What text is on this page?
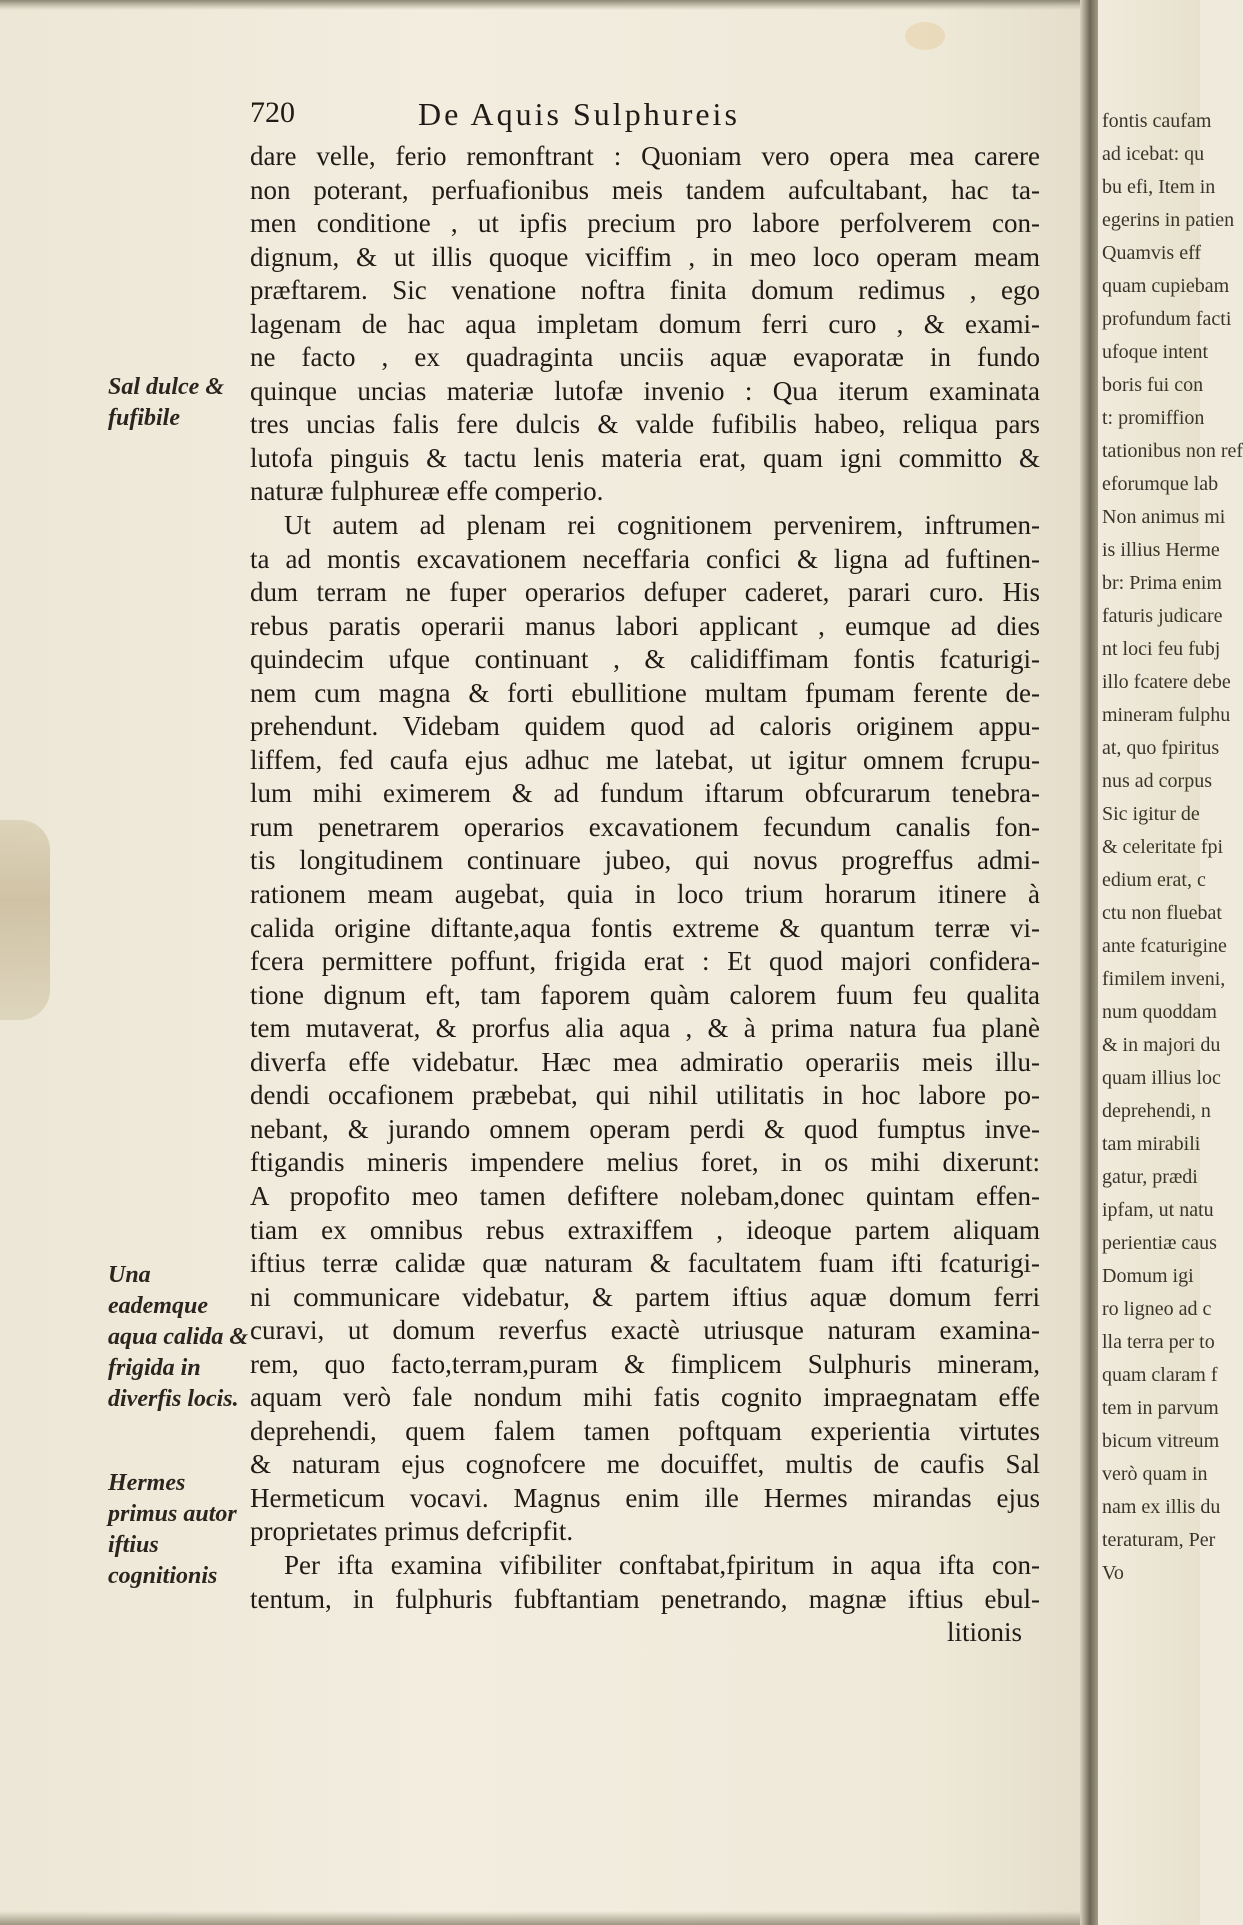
720	De Aquis Sulphureis
dare velle, ferio remonftrant : Quoniam vero opera mea carere
non poterant, perfuafionibus meis tandem aufcultabant, hac ta-
men conditione , ut ipfis precium pro labore perfolverem con-
dignum, & ut illis quoque viciffim , in meo loco operam meam
præftarem. Sic venatione noftra finita domum redimus , ego
lagenam de hac aqua impletam domum ferri curo , & exami-
ne facto , ex quadraginta unciis aquæ evaporatæ in fundo
quinque uncias materiæ lutofæ invenio : Qua iterum examinata
tres uncias falis fere dulcis & valde fufibilis habeo, reliqua pars
lutofa pinguis & tactu lenis materia erat, quam igni committo &
naturæ fulphureæ effe comperio.
Ut autem ad plenam rei cognitionem pervenirem, inftrumen-
ta ad montis excavationem neceffaria confici & ligna ad fuftinen-
dum terram ne fuper operarios defuper caderet, parari curo. His
rebus paratis operarii manus labori applicant , eumque ad dies
quindecim ufque continuant , & calidiffimam fontis fcaturigi-
nem cum magna & forti ebullitione multam fpumam ferente de-
prehendunt. Videbam quidem quod ad caloris originem appu-
liffem, fed caufa ejus adhuc me latebat, ut igitur omnem fcrupu-
lum mihi eximerem & ad fundum iftarum obfcurarum tenebra-
rum penetrarem operarios excavationem fecundum canalis fon-
tis longitudinem continuare jubeo, qui novus progreffus admi-
rationem meam augebat, quia in loco trium horarum itinere à
calida origine diftante,aqua fontis extreme & quantum terræ vi-
fcera permittere poffunt, frigida erat : Et quod majori confidera-
tione dignum eft, tam faporem quàm calorem fuum feu qualita
tem mutaverat, & prorfus alia aqua , & à prima natura fua planè
diverfa effe videbatur. Hæc mea admiratio operariis meis illu-
dendi occafionem præbebat, qui nihil utilitatis in hoc labore po-
nebant, & jurando omnem operam perdi & quod fumptus inve-
ftigandis mineris impendere melius foret, in os mihi dixerunt:
A propofito meo tamen defiftere nolebam,donec quintam effen-
tiam ex omnibus rebus extraxiffem , ideoque partem aliquam
iftius terræ calidæ quæ naturam & facultatem fuam ifti fcaturigi-
ni communicare videbatur, & partem iftius aquæ domum ferri
curavi, ut domum reverfus exactè utriusque naturam examina-
rem, quo facto,terram,puram & fimplicem Sulphuris mineram,
aquam verò fale nondum mihi fatis cognito impraegnatam effe
deprehendi, quem falem tamen poftquam experientia virtutes
& naturam ejus cognofcere me docuiffet, multis de caufis Sal
Hermeticum vocavi. Magnus enim ille Hermes mirandas ejus
proprietates primus defcripfit.
Per ifta examina vifibiliter conftabat,fpiritum in aqua ifta con-
tentum, in fulphuris fubftantiam penetrando, magnæ iftius ebul-
litionis
Sal dulce & fufibile
Una eademque aqua calida & frigida in diverfis locis.
Hermes primus autor iftius cognitionis
fontis caufam
ad icebat: qu
bu efi, Item in
egerins in patien
Quamvis eff
quam cupiebam
profundum facti
ufoque intent
boris fui con
t: promiffion
tationibus non ref
eforumque lab
Non animus mi
is illius Herme
br: Prima enim
faturis judicare
nt loci feu fubj
illo fcatere debe
mineram fulphu
at, quo fpiritus
nus ad corpus
Sic igitur de
& celeritate fpi
edium erat, c
ctu non fluebat
ante fcaturigine
fimilem inveni,
num quoddam
& in majori du
quam illius loc
deprehendi, n
tam mirabili
gatur, prædi
ipfam, ut natu
perientiæ caus
Domum igi
ro ligneo ad c
lla terra per to
quam claram f
tem in parvum
bicum vitreum
verò quam in
nam ex illis du
teraturam, Per
Vo
